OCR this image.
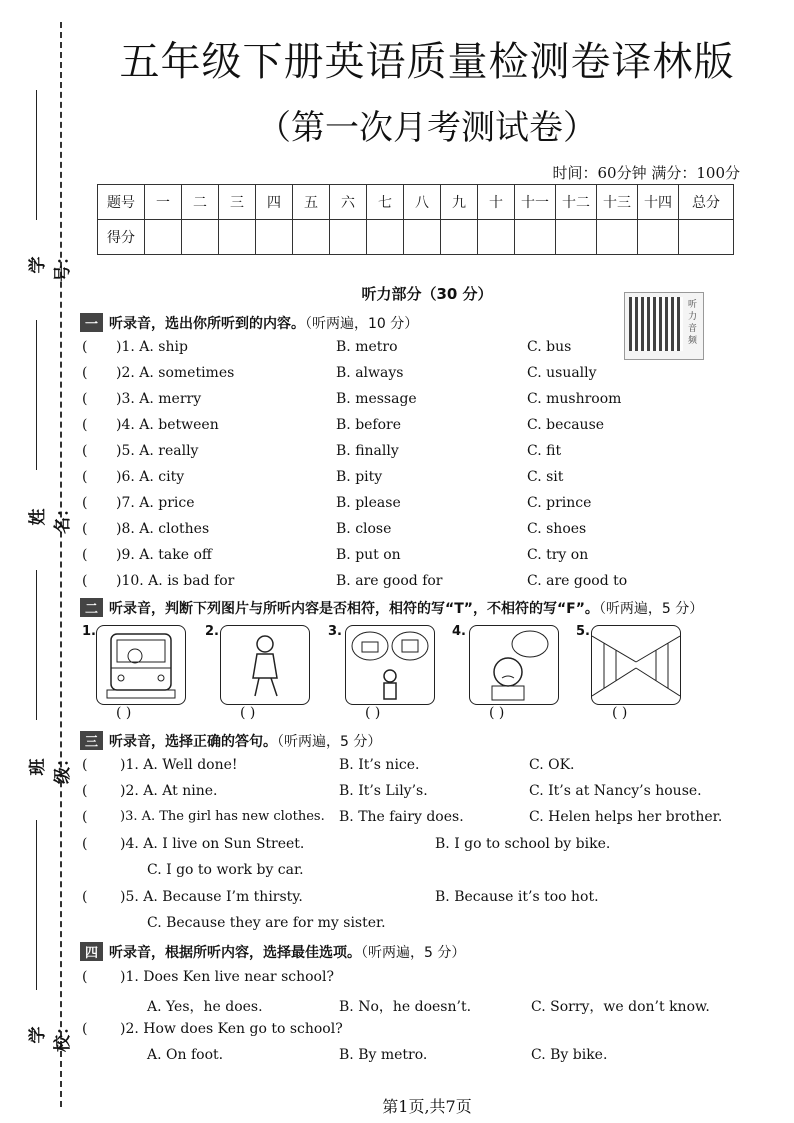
学号：
姓名：
班级：
学校：
五年级下册英语质量检测卷译林版
（第一次月考测试卷）
时间：60分钟 满分：100分
题号	一	二	三	四	五	六	七	八	九	十	十一	十二	十三	十四	总分
得分															
听力部分（30 分）
听力音频
一 听录音，选出你所听到的内容。（听两遍，10 分）
( )1. A. ship	B. metro	C. bus
( )2. A. sometimes	B. always	C. usually
( )3. A. merry	B. message	C. mushroom
( )4. A. between	B. before	C. because
( )5. A. really	B. finally	C. fit
( )6. A. city	B. pity	C. sit
( )7. A. price	B. please	C. prince
( )8. A. clothes	B. close	C. shoes
( )9. A. take off	B. put on	C. try on
( )10. A. is bad for	B. are good for	C. are good to
二 听录音，判断下列图片与所听内容是否相符，相符的写“T”，不相符的写“F”。（听两遍，5 分）
1.
( )
2.
( )
3.
( )
4.
( )
5.
( )
三 听录音，选择正确的答句。（听两遍，5 分）
( )1. A. Well done!	B. It’s nice.	C. OK.
( )2. A. At nine.	B. It’s Lily’s.	C. It’s at Nancy’s house.
(	)3. A. The girl has new clothes. B. The fairy does.	C. Helen helps her brother.
( )4. A. I live on Sun Street.	B. I go to school by bike.
C. I go to work by car.
( )5. A. Because I’m thirsty.	B. Because it’s too hot.
C. Because they are for my sister.
四 听录音，根据所听内容，选择最佳选项。（听两遍，5 分）
( )1. Does Ken live near school?
A. Yes，he does.	B. No，he doesn’t.	C. Sorry，we don’t know.
( )2. How does Ken go to school?
A. On foot.	B. By metro.	C. By bike.
第1页,共7页
